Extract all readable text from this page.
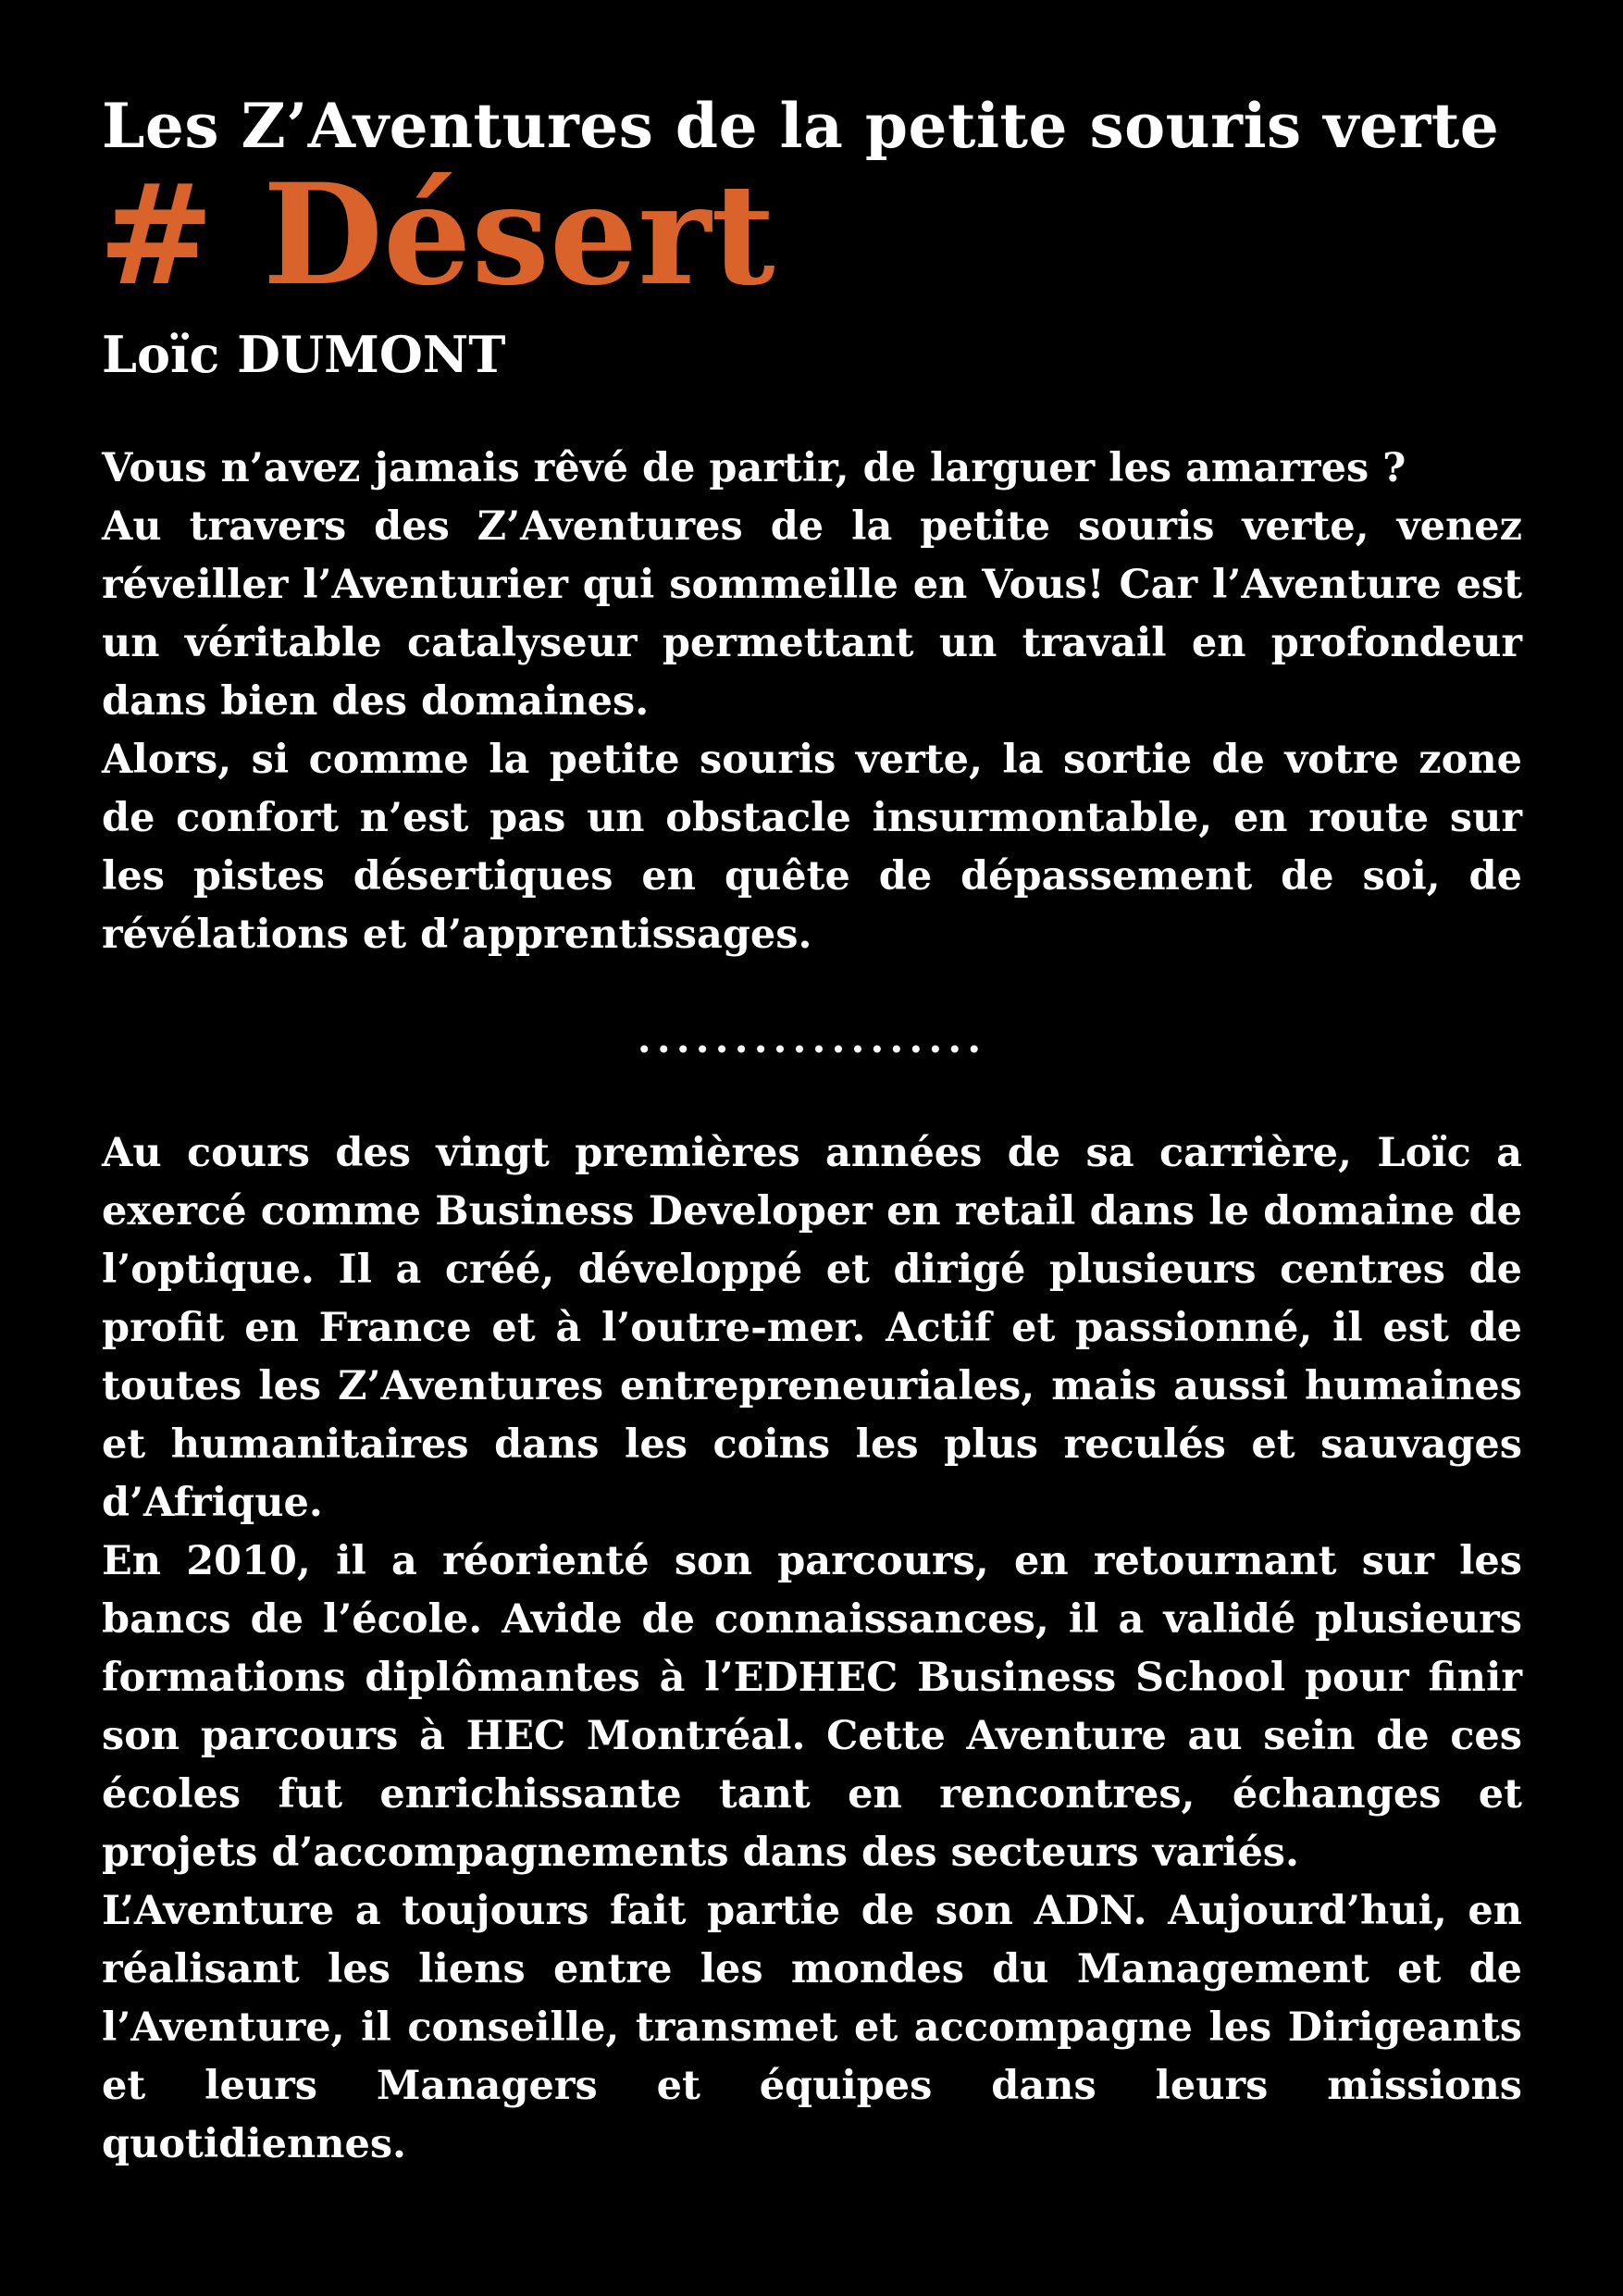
Les Z’Aventures de la petite souris verte
# Désert
Loïc DUMONT

Vous n’avez jamais rêvé de partir, de larguer les amarres ?

Au travers des Z’Aventures de la petite souris verte, venez réveiller l’Aventurier qui sommeille en Vous! Car l’Aventure est un véritable catalyseur permettant un travail en profondeur dans bien des domaines.

Alors, si comme la petite souris verte, la sortie de votre zone de confort n’est pas un obstacle insurmontable, en route sur les pistes désertiques en quête de dépassement de soi, de révélations et d’apprentissages.

..................

Au cours des vingt premières années de sa carrière, Loïc a exercé comme Business Developer en retail dans le domaine de l’optique. Il a créé, développé et dirigé plusieurs centres de profit en France et à l’outre-mer. Actif et passionné, il est de toutes les Z’Aventures entrepreneuriales, mais aussi humaines et humanitaires dans les coins les plus reculés et sauvages d’Afrique.

En 2010, il a réorienté son parcours, en retournant sur les bancs de l’école. Avide de connaissances, il a validé plusieurs formations diplômantes à l’EDHEC Business School pour finir son parcours à HEC Montréal. Cette Aventure au sein de ces écoles fut enrichissante tant en rencontres, échanges et projets d’accompagnements dans des secteurs variés.

L’Aventure a toujours fait partie de son ADN. Aujourd’hui, en réalisant les liens entre les mondes du Management et de l’Aventure, il conseille, transmet et accompagne les Dirigeants et leurs Managers et équipes dans leurs missions quotidiennes.
